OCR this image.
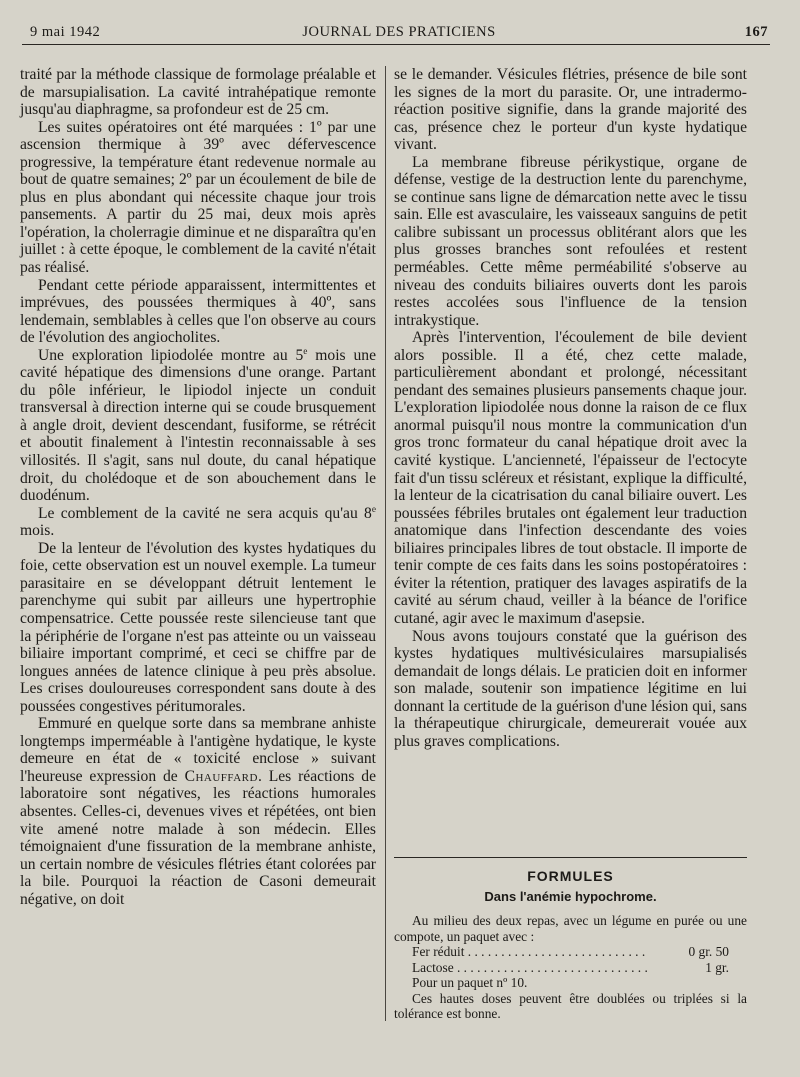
9 mai 1942	JOURNAL DES PRATICIENS	167

traité par la méthode classique de formolage préalable et de marsupialisation. La cavité intrahépatique remonte jusqu'au diaphragme, sa profondeur est de 25 cm.

Les suites opératoires ont été marquées : 1º par une ascension thermique à 39º avec défervescence progressive, la température étant redevenue normale au bout de quatre semaines; 2º par un écoulement de bile de plus en plus abondant qui nécessite chaque jour trois pansements. A partir du 25 mai, deux mois après l'opération, la cholerragie diminue et ne disparaîtra qu'en juillet : à cette époque, le comblement de la cavité n'était pas réalisé.

Pendant cette période apparaissent, intermittentes et imprévues, des poussées thermiques à 40º, sans lendemain, semblables à celles que l'on observe au cours de l'évolution des angiocholites.

Une exploration lipiodolée montre au 5e mois une cavité hépatique des dimensions d'une orange. Partant du pôle inférieur, le lipiodol injecte un conduit transversal à direction interne qui se coude brusquement à angle droit, devient descendant, fusiforme, se rétrécit et aboutit finalement à l'intestin reconnaissable à ses villosités. Il s'agit, sans nul doute, du canal hépatique droit, du cholédoque et de son abouchement dans le duodénum.

Le comblement de la cavité ne sera acquis qu'au 8e mois.

De la lenteur de l'évolution des kystes hydatiques du foie, cette observation est un nouvel exemple. La tumeur parasitaire en se développant détruit lentement le parenchyme qui subit par ailleurs une hypertrophie compensatrice. Cette poussée reste silencieuse tant que la périphérie de l'organe n'est pas atteinte ou un vaisseau biliaire important comprimé, et ceci se chiffre par de longues années de latence clinique à peu près absolue. Les crises douloureuses correspondent sans doute à des poussées congestives péritumorales.

Emmuré en quelque sorte dans sa membrane anhiste longtemps imperméable à l'antigène hydatique, le kyste demeure en état de « toxicité enclose » suivant l'heureuse expression de Chauffard. Les réactions de laboratoire sont négatives, les réactions humorales absentes. Celles-ci, devenues vives et répétées, ont bien vite amené notre malade à son médecin. Elles témoignaient d'une fissuration de la membrane anhiste, un certain nombre de vésicules flétries étant colorées par la bile. Pourquoi la réaction de Casoni demeurait négative, on doit

se le demander. Vésicules flétries, présence de bile sont les signes de la mort du parasite. Or, une intradermo-réaction positive signifie, dans la grande majorité des cas, présence chez le porteur d'un kyste hydatique vivant.

La membrane fibreuse périkystique, organe de défense, vestige de la destruction lente du parenchyme, se continue sans ligne de démarcation nette avec le tissu sain. Elle est avasculaire, les vaisseaux sanguins de petit calibre subissant un processus oblitérant alors que les plus grosses branches sont refoulées et restent perméables. Cette même perméabilité s'observe au niveau des conduits biliaires ouverts dont les parois restes accolées sous l'influence de la tension intrakystique.

Après l'intervention, l'écoulement de bile devient alors possible. Il a été, chez cette malade, particulièrement abondant et prolongé, nécessitant pendant des semaines plusieurs pansements chaque jour. L'exploration lipiodolée nous donne la raison de ce flux anormal puisqu'il nous montre la communication d'un gros tronc formateur du canal hépatique droit avec la cavité kystique. L'ancienneté, l'épaisseur de l'ectocyte fait d'un tissu scléreux et résistant, explique la difficulté, la lenteur de la cicatrisation du canal biliaire ouvert. Les poussées fébriles brutales ont également leur traduction anatomique dans l'infection descendante des voies biliaires principales libres de tout obstacle. Il importe de tenir compte de ces faits dans les soins postopératoires : éviter la rétention, pratiquer des lavages aspiratifs de la cavité au sérum chaud, veiller à la béance de l'orifice cutané, agir avec le maximum d'asepsie.

Nous avons toujours constaté que la guérison des kystes hydatiques multivésiculaires marsupialisés demandait de longs délais. Le praticien doit en informer son malade, soutenir son impatience légitime en lui donnant la certitude de la guérison d'une lésion qui, sans la thérapeutique chirurgicale, demeurerait vouée aux plus graves complications.

FORMULES
Dans l'anémie hypochrome.

Au milieu des deux repas, avec un légume en purée ou une compote, un paquet avec :

Fer réduit . . .	0 gr. 50
Lactose . . .	1 gr.

Pour un paquet nº 10.

Ces hautes doses peuvent être doublées ou triplées si la tolérance est bonne.
